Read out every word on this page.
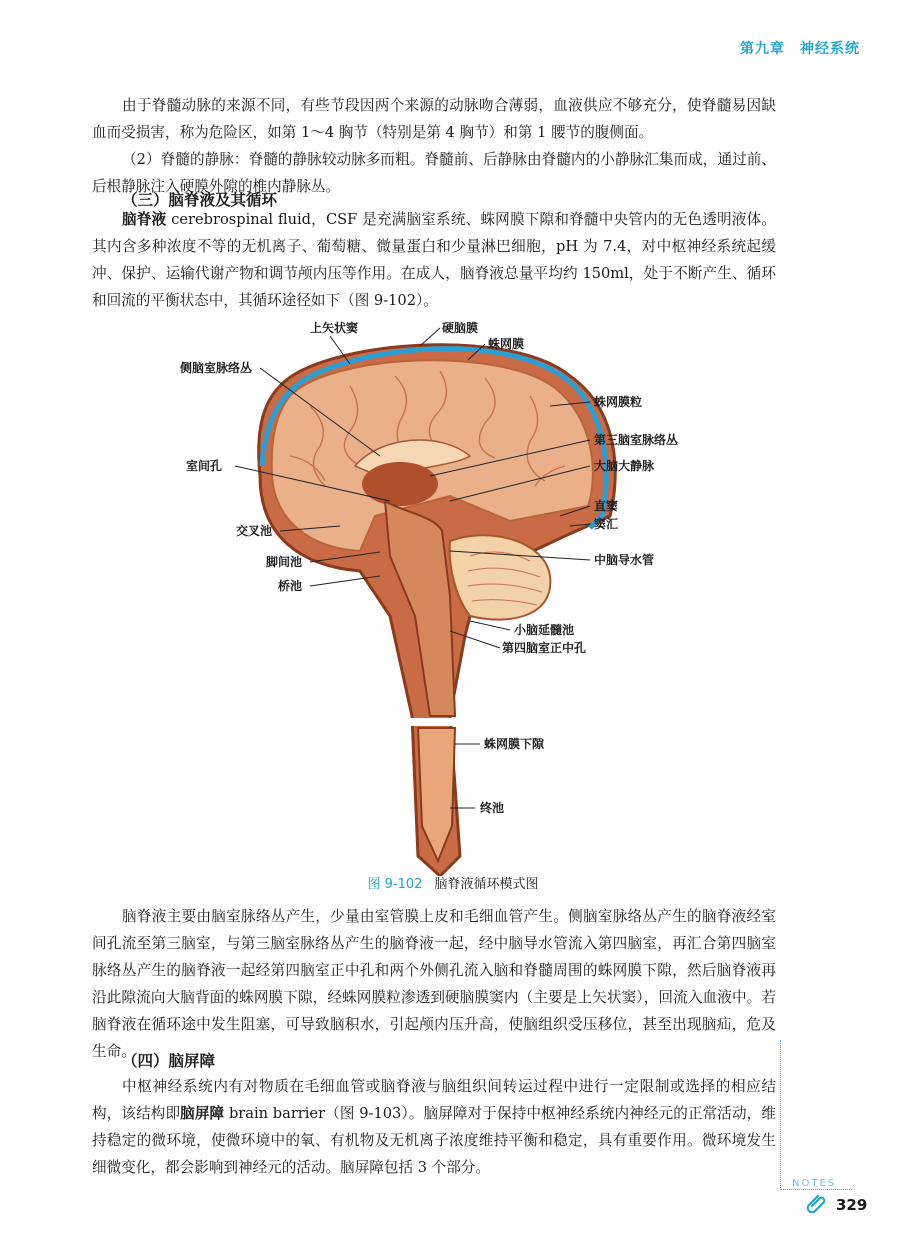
第九章　神经系统

由于脊髓动脉的来源不同，有些节段因两个来源的动脉吻合薄弱，血液供应不够充分，使脊髓易因缺血而受损害，称为危险区，如第 1～4 胸节（特别是第 4 胸节）和第 1 腰节的腹侧面。

（2）脊髓的静脉：脊髓的静脉较动脉多而粗。脊髓前、后静脉由脊髓内的小静脉汇集而成，通过前、后根静脉注入硬膜外隙的椎内静脉丛。

（三）脑脊液及其循环

脑脊液 cerebrospinal fluid，CSF 是充满脑室系统、蛛网膜下隙和脊髓中央管内的无色透明液体。其内含多种浓度不等的无机离子、葡萄糖、微量蛋白和少量淋巴细胞，pH 为 7.4，对中枢神经系统起缓冲、保护、运输代谢产物和调节颅内压等作用。在成人，脑脊液总量平均约 150ml，处于不断产生、循环和回流的平衡状态中，其循环途径如下（图 9-102）。

上矢状窦	硬脑膜
蛛网膜
侧脑室脉络丛
蛛网膜粒
第三脑室脉络丛
室间孔	大脑大静脉
直窦
窦汇
交叉池
中脑导水管
脚间池
桥池
小脑延髓池
第四脑室正中孔
蛛网膜下隙
终池
图 9-102 脑脊液循环模式图

脑脊液主要由脑室脉络丛产生，少量由室管膜上皮和毛细血管产生。侧脑室脉络丛产生的脑脊液经室间孔流至第三脑室，与第三脑室脉络丛产生的脑脊液一起，经中脑导水管流入第四脑室，再汇合第四脑室脉络丛产生的脑脊液一起经第四脑室正中孔和两个外侧孔流入脑和脊髓周围的蛛网膜下隙，然后脑脊液再沿此隙流向大脑背面的蛛网膜下隙，经蛛网膜粒渗透到硬脑膜窦内（主要是上矢状窦），回流入血液中。若脑脊液在循环途中发生阻塞，可导致脑积水，引起颅内压升高，使脑组织受压移位，甚至出现脑疝，危及生命。

（四）脑屏障

中枢神经系统内有对物质在毛细血管或脑脊液与脑组织间转运过程中进行一定限制或选择的相应结构，该结构即脑屏障 brain barrier（图 9-103）。脑屏障对于保持中枢神经系统内神经元的正常活动，维持稳定的微环境，使微环境中的氧、有机物及无机离子浓度维持平衡和稳定，具有重要作用。微环境发生细微变化，都会影响到神经元的活动。脑屏障包括 3 个部分。

NOTES
329
